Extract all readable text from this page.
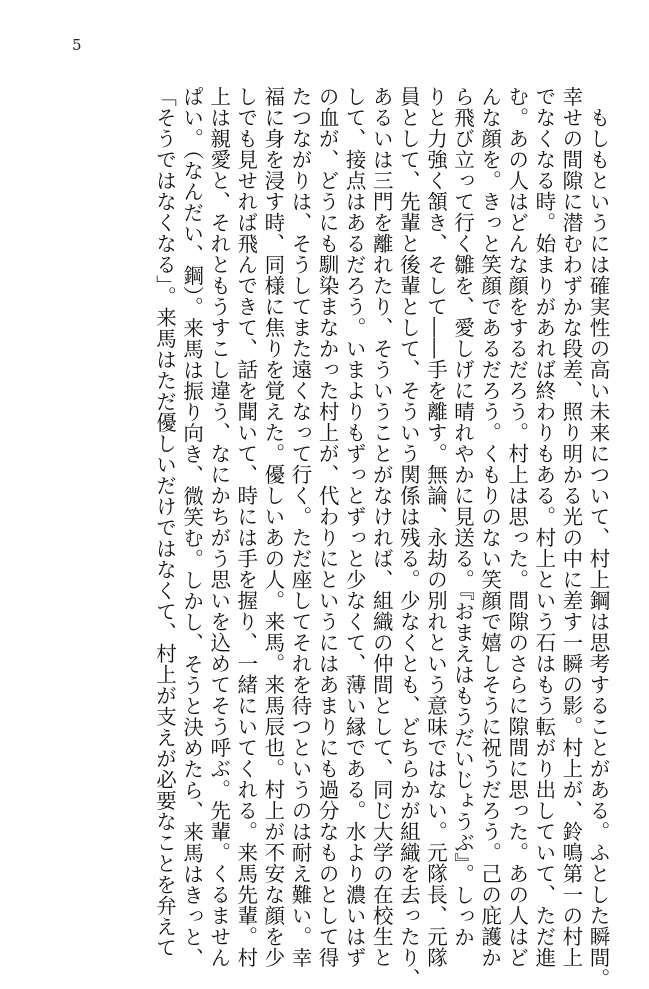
5
　もしもというには確実性の高い未来について、村上鋼は思考することがある。ふとした瞬間。
幸せの間隙に潜むわずかな段差、照り明かる光の中に差す一瞬の影。村上が、鈴鳴第一の村上
でなくなる時。始まりがあれば終わりもある。村上という石はもう転がり出していて、ただ進
む。あの人はどんな顔をするだろう。村上は思った。間隙のさらに隙間に思った。あの人はど
んな顔を。きっと笑顔であるだろう。くもりのない笑顔で嬉しそうに祝うだろう。己の庇護か
ら飛び立って行く雛を、愛しげに晴れやかに見送る。『おまえはもうだいじょうぶ』。しっか
りと力強く頷き、そして――手を離す。無論、永劫の別れという意味ではない。元隊長、元隊
員として、先輩と後輩として、そういう関係は残る。少なくとも、どちらかが組織を去ったり、
あるいは三門を離れたり、そういうことがなければ、組織の仲間として、同じ大学の在校生と
して、接点はあるだろう。いまよりもずっとずっと少なくて、薄い縁である。水より濃いはず
の血が、どうにも馴染まなかった村上が、代わりにというにはあまりにも過分なものとして得
たつながりは、そうしてまた遠くなって行く。ただ座してそれを待つというのは耐え難い。幸
福に身を浸す時、同様に焦りを覚えた。優しいあの人。来馬。来馬辰也。村上が不安な顔を少
しでも見せれば飛んできて、話を聞いて、時には手を握り、一緒にいてくれる。来馬先輩。村
上は親愛と、それともうすこし違う、なにかちがう思いを込めてそう呼ぶ。先輩。くるません
ぱい。（なんだい、鋼）。来馬は振り向き、微笑む。しかし、そうと決めたら、来馬はきっと、
「そうではなくなる」。来馬はただ優しいだけではなくて、村上が支えが必要なことを弁えて
